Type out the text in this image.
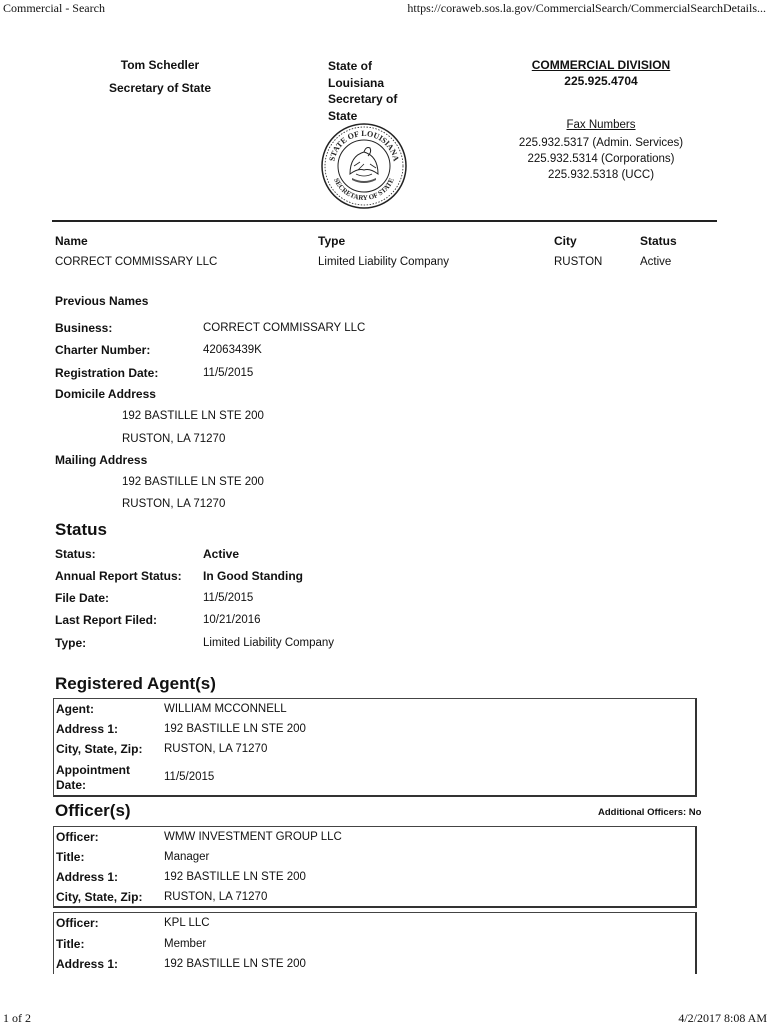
Commercial - Search	https://coraweb.sos.la.gov/CommercialSearch/CommercialSearchDetails...
Tom Schedler
Secretary of State
State of
Louisiana
Secretary of
State
STATE OF LOUISIANA
SECRETARY OF STATE
COMMERCIAL DIVISION
225.925.4704
Fax Numbers
225.932.5317 (Admin. Services)
225.932.5314 (Corporations)
225.932.5318 (UCC)
Name	Type	City	Status
CORRECT COMMISSARY LLC	Limited Liability Company	RUSTON	Active
Previous Names
Business:	CORRECT COMMISSARY LLC
Charter Number:	42063439K
Registration Date:	11/5/2015
Domicile Address
192 BASTILLE LN STE 200
RUSTON, LA 71270
Mailing Address
192 BASTILLE LN STE 200
RUSTON, LA 71270
Status
Status:	Active
Annual Report Status: In Good Standing
File Date:	11/5/2015
Last Report Filed:	10/21/2016
Type:	Limited Liability Company
Registered Agent(s)
Agent:	WILLIAM MCCONNELL
Address 1:	192 BASTILLE LN STE 200
City, State, Zip: RUSTON, LA 71270
Appointment
Date:
11/5/2015
Officer(s)	Additional Officers: No
Officer:	WMW INVESTMENT GROUP LLC
Title:	Manager
Address 1:	192 BASTILLE LN STE 200
City, State, Zip: RUSTON, LA 71270
Officer:	KPL LLC
Title:	Member
Address 1:	192 BASTILLE LN STE 200
1 of 2	4/2/2017 8:08 AM
